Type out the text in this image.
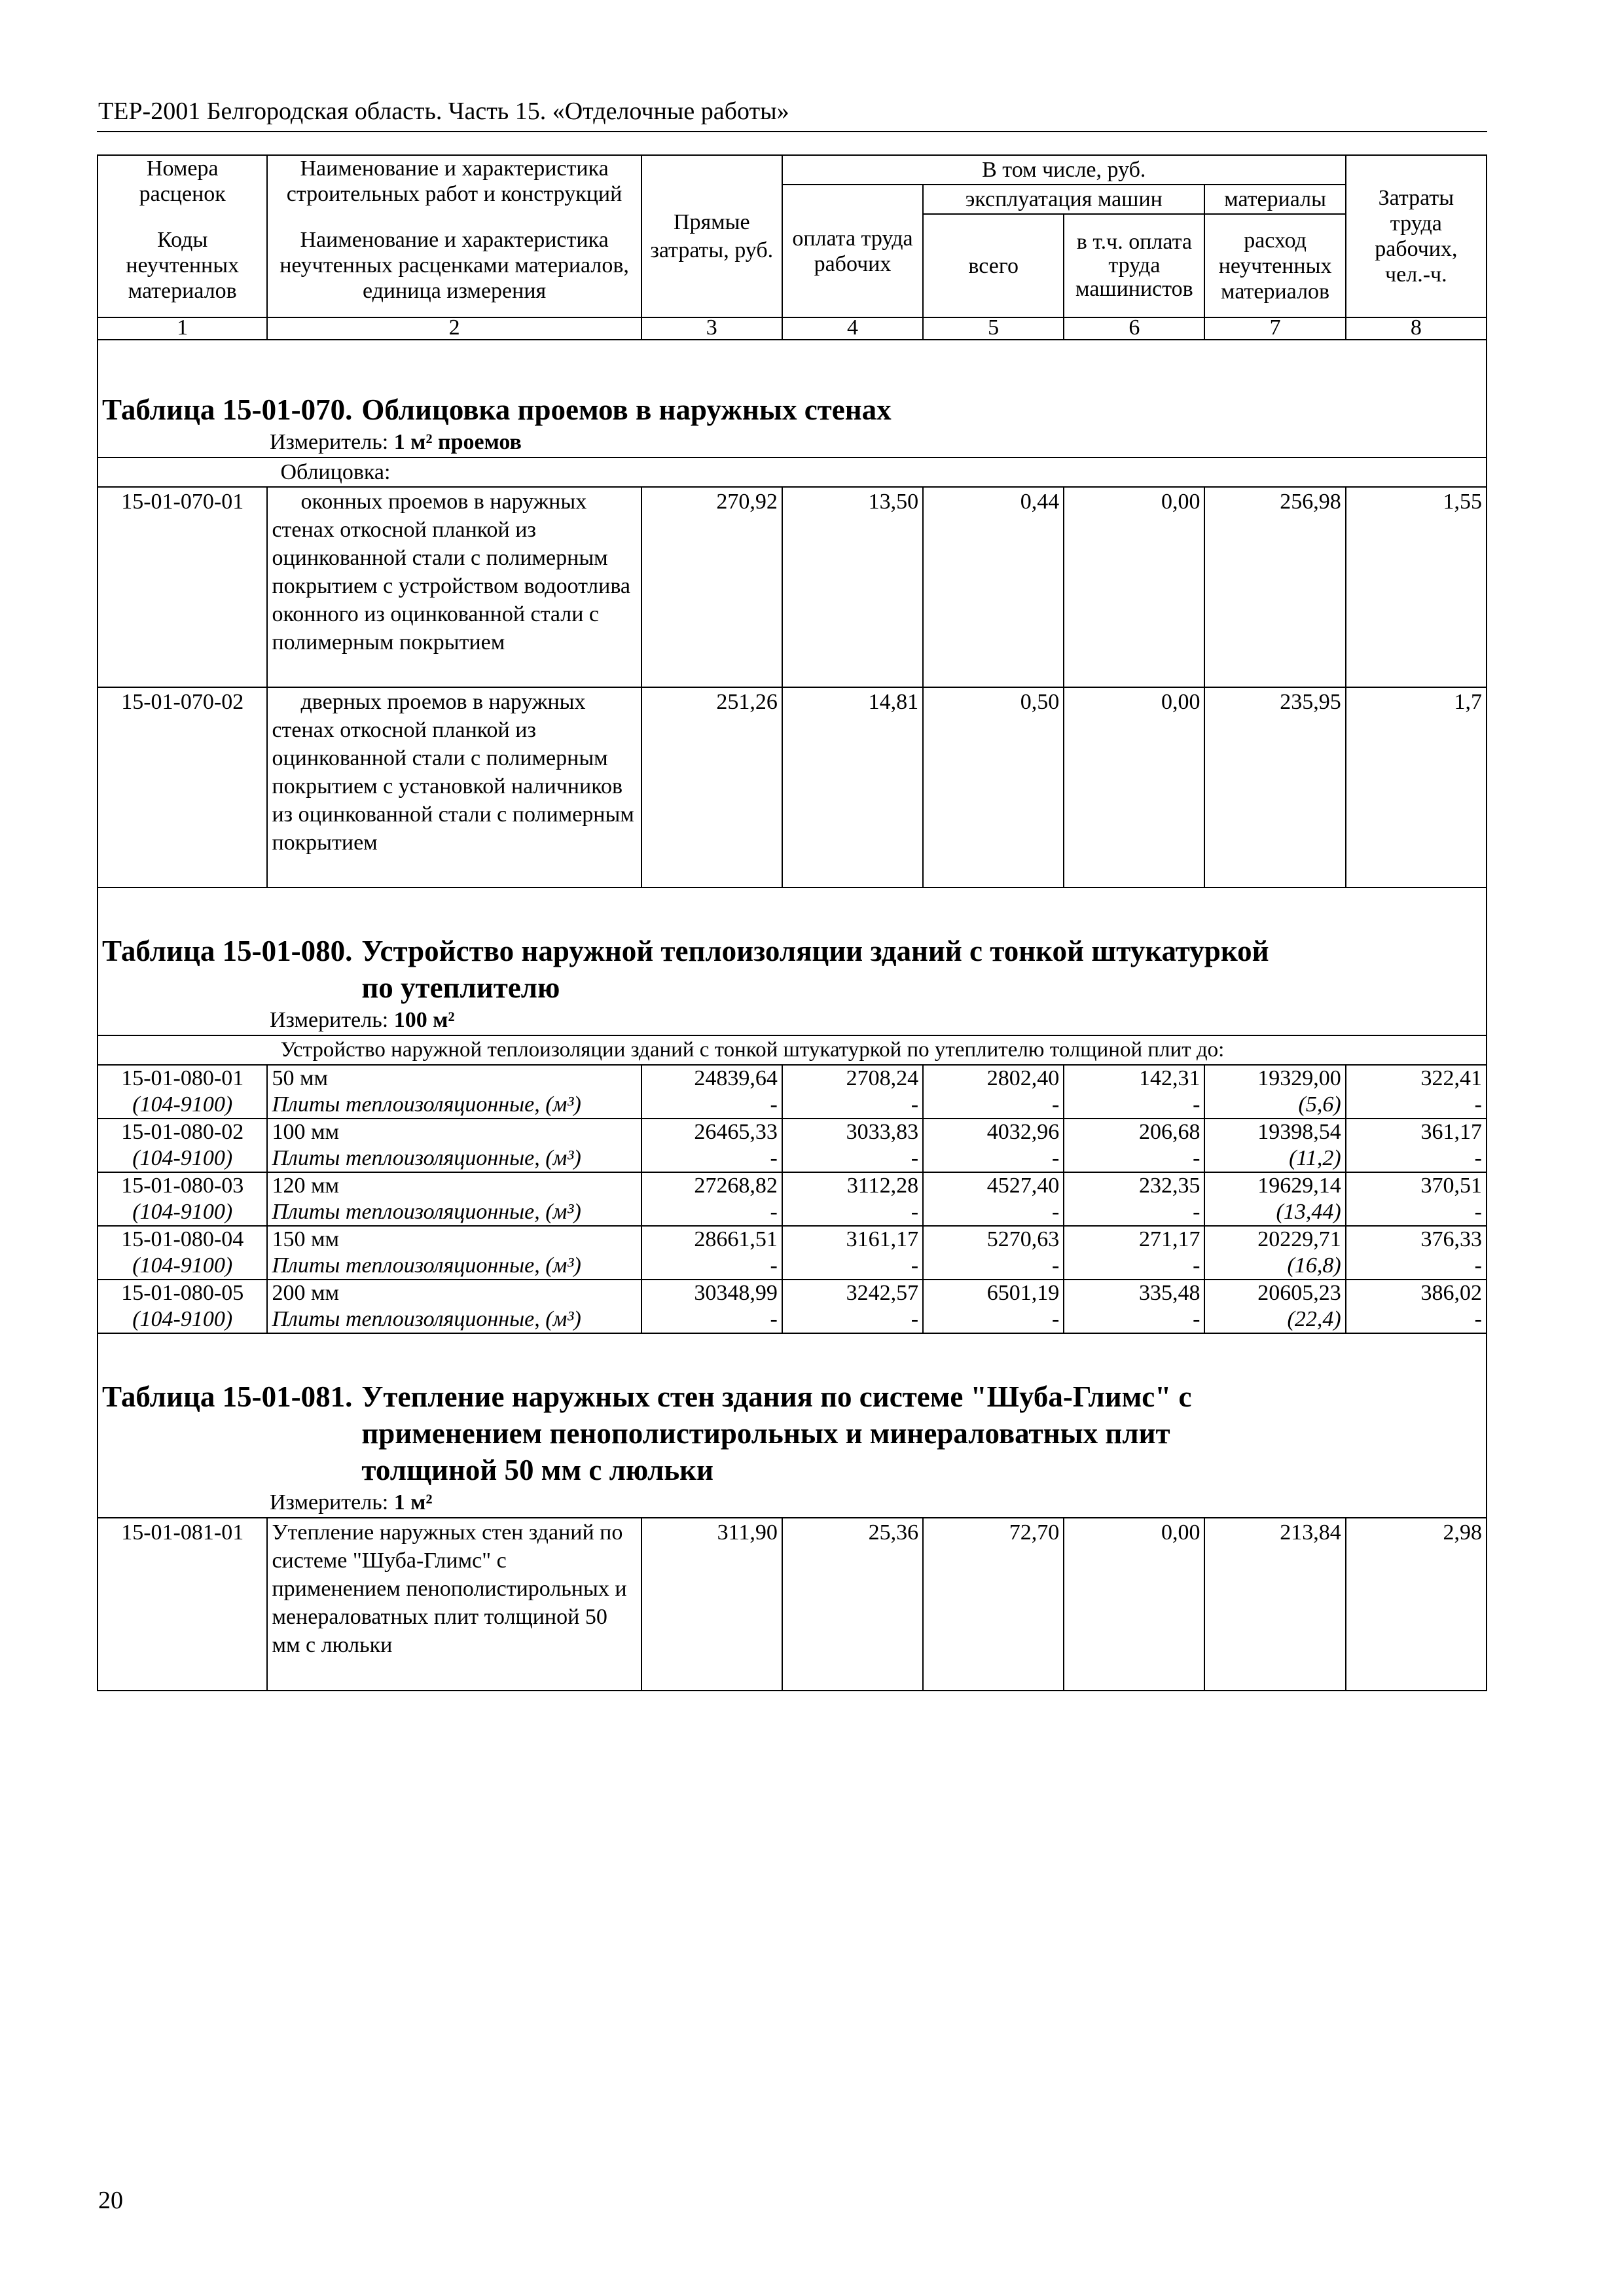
ТЕР-2001 Белгородская область. Часть 15. «Отделочные работы»
Номера расценок	Наименование и характеристика строительных работ и конструкций	Прямые затраты, руб.	В том числе, руб.				Затраты труда рабочих, чел.-ч.
			оплата труда рабочих	эксплуатация машин		материалы	
Коды неучтенных материалов	Наименование и характеристика неучтенных расценками материалов, единица измерения			всего	в т.ч. оплата труда машинистов	расход неучтенных материалов	
1	2	3	4	5	6	7	8

Таблица 15-01-070. Облицовка проемов в наружных стенах
Измеритель: 1 м² проемов							

	Облицовка:						
15-01-070-01	оконных проемов в наружных стенах откосной планкой из оцинкованной стали с полимерным покрытием с устройством водоотлива оконного из оцинкованной стали с полимерным покрытием	270,92	13,50	0,44	0,00	256,98	1,55
15-01-070-02	дверных проемов в наружных стенах откосной планкой из оцинкованной стали с полимерным покрытием с установкой наличников из оцинкованной стали с полимерным покрытием	251,26	14,81	0,50	0,00	235,95	1,7

Таблица 15-01-080. Устройство наружной теплоизоляции зданий с тонкой штукатуркой
по утеплителю
Измеритель: 100 м²							

	Устройство наружной теплоизоляции зданий с тонкой штукатуркой по утеплителю толщиной плит до:						
15-01-080-01	50 мм	24839,64	2708,24	2802,40	142,31	19329,00	322,41
(104-9100)	Плиты теплоизоляционные, (м³)	-	-	-	-	(5,6)	-
15-01-080-02	100 мм	26465,33	3033,83	4032,96	206,68	19398,54	361,17
(104-9100)	Плиты теплоизоляционные, (м³)	-	-	-	-	(11,2)	-
15-01-080-03	120 мм	27268,82	3112,28	4527,40	232,35	19629,14	370,51
(104-9100)	Плиты теплоизоляционные, (м³)	-	-	-	-	(13,44)	-
15-01-080-04	150 мм	28661,51	3161,17	5270,63	271,17	20229,71	376,33
(104-9100)	Плиты теплоизоляционные, (м³)	-	-	-	-	(16,8)	-
15-01-080-05	200 мм	30348,99	3242,57	6501,19	335,48	20605,23	386,02
(104-9100)	Плиты теплоизоляционные, (м³)	-	-	-	-	(22,4)	-

Таблица 15-01-081. Утепление наружных стен здания по системе "Шуба-Глимс" с
применением пенополистирольных и минераловатных плит
толщиной 50 мм с люльки
Измеритель: 1 м²							

15-01-081-01	Утепление наружных стен зданий по системе "Шуба-Глимс" с применением пенополистирольных и менераловатных плит толщиной 50 мм с люльки	311,90	25,36	72,70	0,00	213,84	2,98
20
